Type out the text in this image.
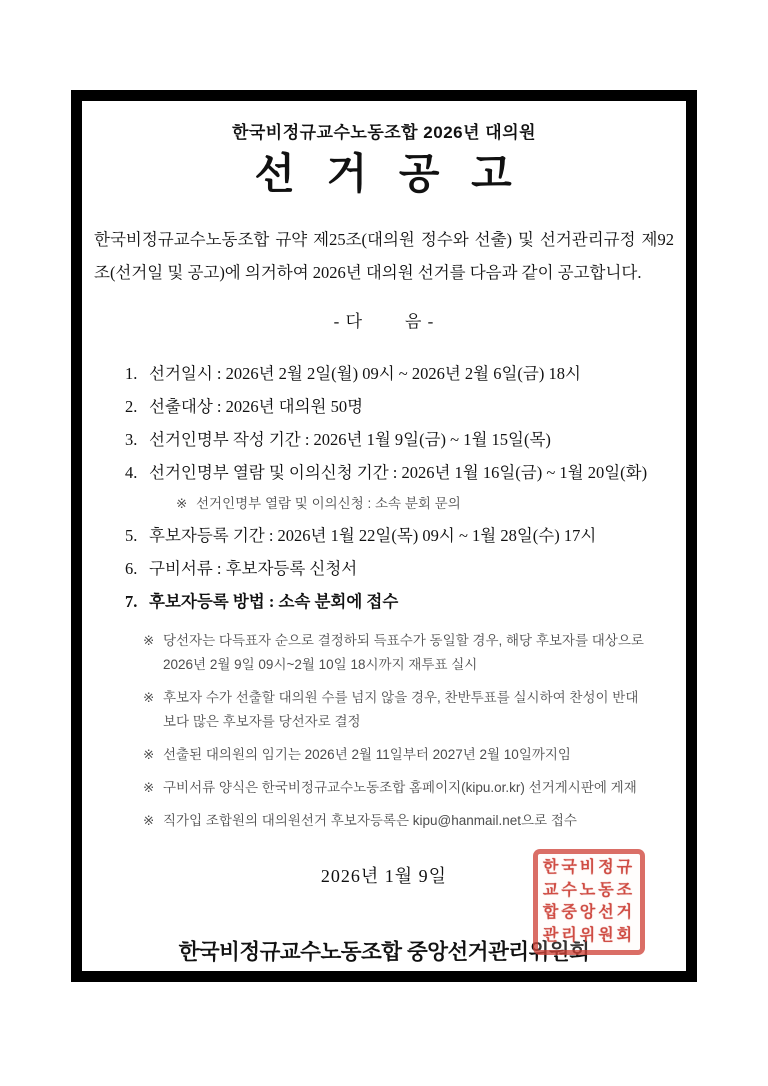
한국비정규교수노동조합 2026년 대의원
선 거 공 고

한국비정규교수노동조합 규약 제25조(대의원 정수와 선출) 및 선거관리규정 제92조(선거일 및 공고)에 의거하여 2026년 대의원 선거를 다음과 같이 공고합니다.

- 다        음 -
1. 선거일시 : 2026년 2월 2일(월) 09시 ~ 2026년 2월 6일(금) 18시
2. 선출대상 : 2026년 대의원 50명
3. 선거인명부 작성 기간 : 2026년 1월 9일(금) ~ 1월 15일(목)
4. 선거인명부 열람 및 이의신청 기간 : 2026년 1월 16일(금) ~ 1월 20일(화)
※ 선거인명부 열람 및 이의신청 : 소속 분회 문의
5. 후보자등록 기간 : 2026년 1월 22일(목) 09시 ~ 1월 28일(수) 17시
6. 구비서류 : 후보자등록 신청서
7. 후보자등록 방법 : 소속 분회에 접수
※ 당선자는 다득표자 순으로 결정하되 득표수가 동일할 경우, 해당 후보자를 대상으로
2026년 2월 9일 09시~2월 10일 18시까지 재투표 실시
※ 후보자 수가 선출할 대의원 수를 넘지 않을 경우, 찬반투표를 실시하여 찬성이 반대
보다 많은 후보자를 당선자로 결정
※ 선출된 대의원의 임기는 2026년 2월 11일부터 2027년 2월 10일까지임
※ 구비서류 양식은 한국비정규교수노동조합 홈페이지(kipu.or.kr) 선거게시판에 게재
※ 직가입 조합원의 대의원선거 후보자등록은 kipu@hanmail.net으로 접수
2026년 1월 9일
한국비정규교수노동조합 중앙선거관리위원회
한국비정규
교수노동조
합중앙선거
관리위원회
